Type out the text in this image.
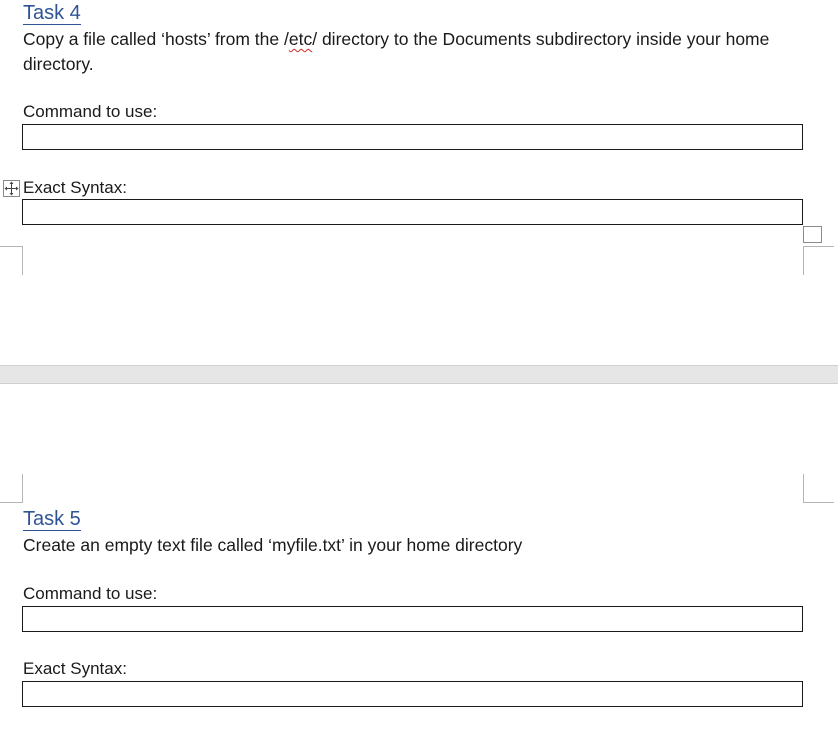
Task 4
Copy a file called ‘hosts’ from the /etc/ directory to the Documents subdirectory inside your home directory.
Command to use:
Exact Syntax:
Task 5
Create an empty text file called ‘myfile.txt’ in your home directory
Command to use:
Exact Syntax:
